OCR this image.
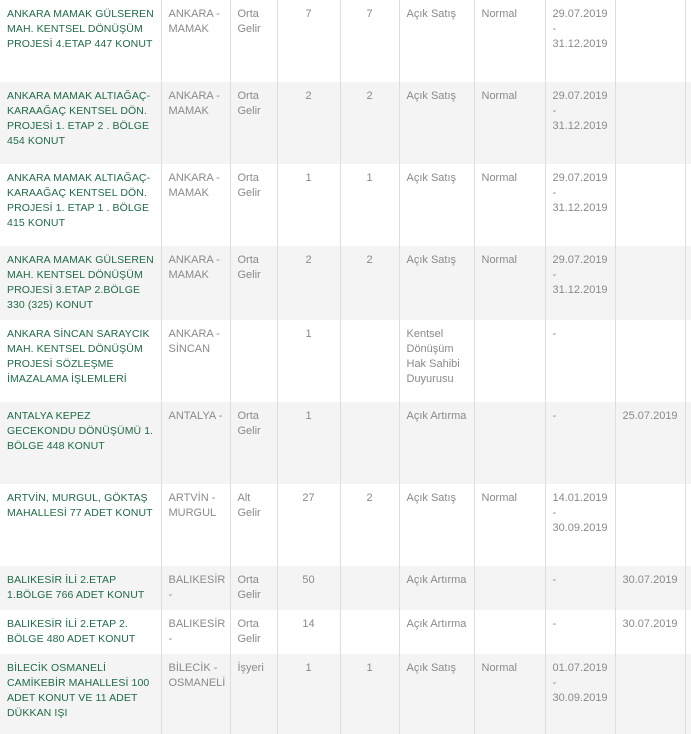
ANKARA MAMAK GÜLSEREN MAH. KENTSEL DÖNÜŞÜM PROJESİ 4.ETAP 447 KONUT	ANKARA - MAMAK	Orta Gelir	7	7	Açık Satış	Normal	29.07.2019
-
31.12.2019		

ANKARA MAMAK ALTIAĞAÇ-KARAAĞAÇ KENTSEL DÖN. PROJESİ 1. ETAP 2 . BÖLGE 454 KONUT	ANKARA - MAMAK	Orta Gelir	2	2	Açık Satış	Normal	29.07.2019
-
31.12.2019		

ANKARA MAMAK ALTIAĞAÇ-KARAAĞAÇ KENTSEL DÖN. PROJESİ 1. ETAP 1 . BÖLGE 415 KONUT	ANKARA - MAMAK	Orta Gelir	1	1	Açık Satış	Normal	29.07.2019
-
31.12.2019		

ANKARA MAMAK GÜLSEREN MAH. KENTSEL DÖNÜŞÜM PROJESİ 3.ETAP 2.BÖLGE 330 (325) KONUT	ANKARA - MAMAK	Orta Gelir	2	2	Açık Satış	Normal	29.07.2019
-
31.12.2019		

ANKARA SİNCAN SARAYCIK MAH. KENTSEL DÖNÜŞÜM PROJESİ SÖZLEŞME İMAZALAMA İŞLEMLERİ	ANKARA - SİNCAN		1		Kentsel Dönüşüm Hak Sahibi Duyurusu		-		

ANTALYA KEPEZ GECEKONDU DÖNÜŞÜMÜ 1. BÖLGE 448 KONUT	ANTALYA -	Orta Gelir	1		Açık Artırma		-	25.07.2019	

ARTVİN, MURGUL, GÖKTAŞ MAHALLESİ 77 ADET KONUT	ARTVİN - MURGUL	Alt Gelir	27	2	Açık Satış	Normal	14.01.2019
-
30.09.2019		

BALIKESİR İLİ 2.ETAP 1.BÖLGE 766 ADET KONUT	BALIKESİR -	Orta Gelir	50		Açık Artırma		-	30.07.2019	

BALIKESİR İLİ 2.ETAP 2. BÖLGE 480 ADET KONUT	BALIKESİR -	Orta Gelir	14		Açık Artırma		-	30.07.2019	

BİLECİK OSMANELİ CAMİKEBİR MAHALLESİ 100 ADET KONUT VE 11 ADET DÜKKAN IŞI	BİLECİK - OSMANELİ	İşyeri	1	1	Açık Satış	Normal	01.07.2019
-
30.09.2019		
